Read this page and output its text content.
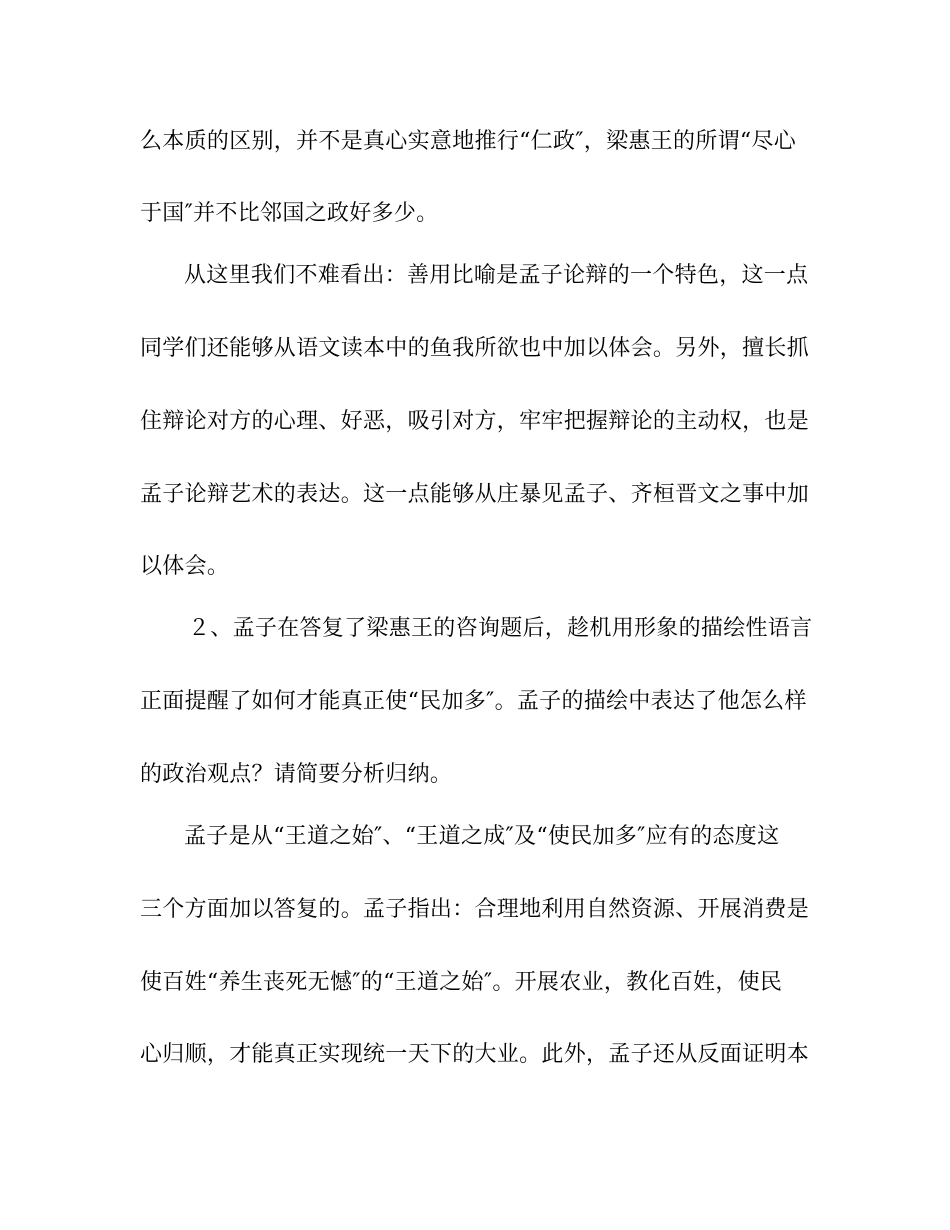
么本质的区别，并不是真心实意地推行“仁政″，梁惠王的所谓“尽心
于国″并不比邻国之政好多少。
从这里我们不难看出：善用比喻是孟子论辩的一个特色，这一点
同学们还能够从语文读本中的鱼我所欲也中加以体会。另外，擅长抓
住辩论对方的心理、好恶，吸引对方，牢牢把握辩论的主动权，也是
孟子论辩艺术的表达。这一点能够从庄暴见孟子、齐桓晋文之事中加
以体会。
２、孟子在答复了梁惠王的咨询题后，趁机用形象的描绘性语言
正面提醒了如何才能真正使“民加多″。孟子的描绘中表达了他怎么样
的政治观点？请简要分析归纳。
孟子是从“王道之始″、“王道之成″及“使民加多″应有的态度这
三个方面加以答复的。孟子指出：合理地利用自然资源、开展消费是
使百姓“养生丧死无憾″的“王道之始″。开展农业，教化百姓，使民
心归顺，才能真正实现统一天下的大业。此外，孟子还从反面证明本
